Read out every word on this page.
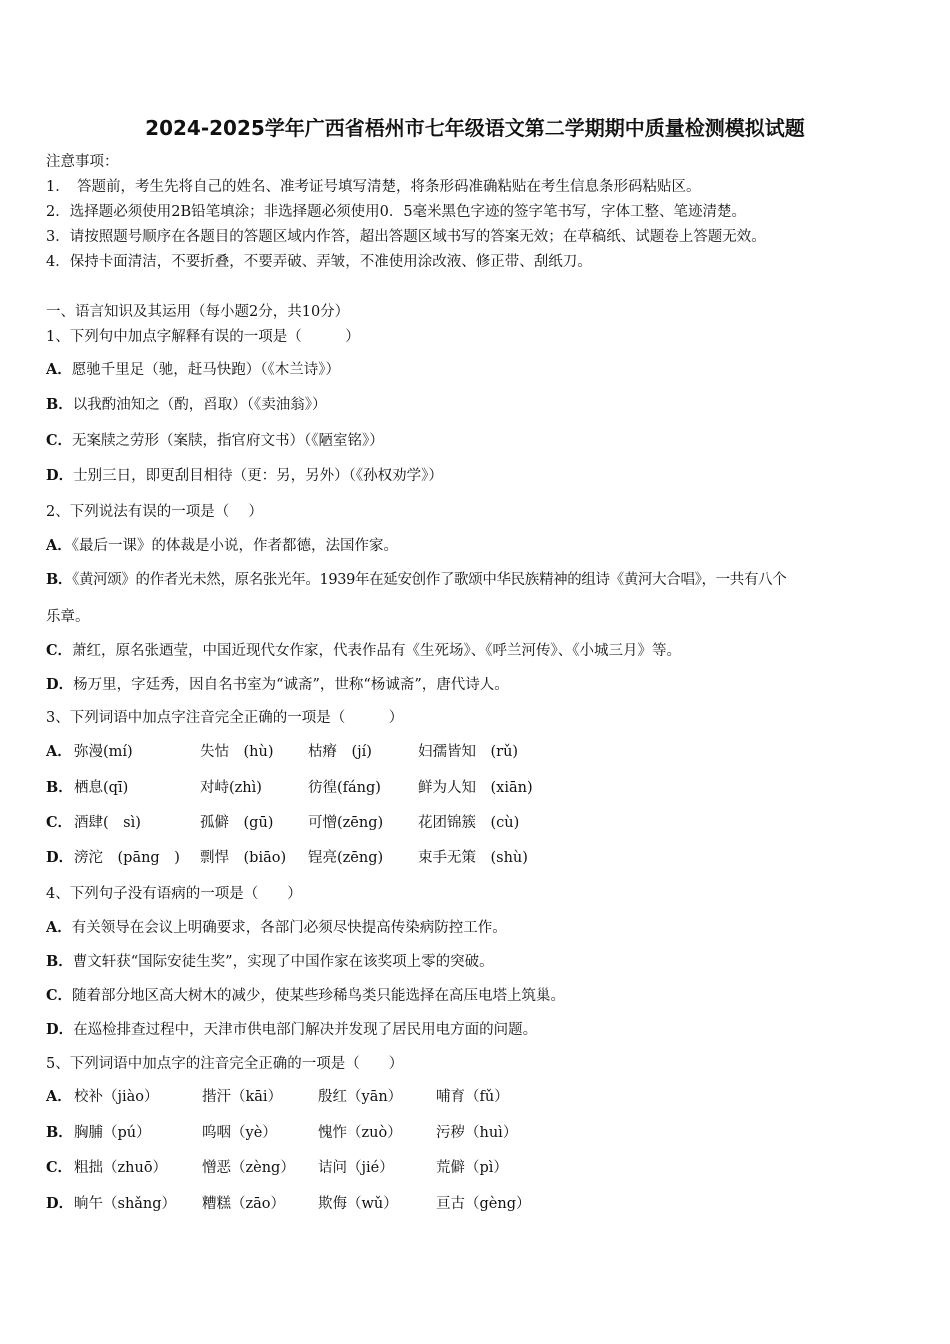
2024-2025学年广西省梧州市七年级语文第二学期期中质量检测模拟试题
注意事项：
1．　答题前，考生先将自己的姓名、准考证号填写清楚，将条形码准确粘贴在考生信息条形码粘贴区。
2．选择题必须使用2B铅笔填涂；非选择题必须使用0．5毫米黑色字迹的签字笔书写，字体工整、笔迹清楚。
3．请按照题号顺序在各题目的答题区域内作答，超出答题区域书写的答案无效；在草稿纸、试题卷上答题无效。
4．保持卡面清洁，不要折叠，不要弄破、弄皱，不准使用涂改液、修正带、刮纸刀。
一、语言知识及其运用（每小题2分，共10分）
1、下列句中加点字解释有误的一项是（　　　）
A．愿驰千里足（驰，赶马快跑）（《木兰诗》）
B．以我酌油知之（酌，舀取）（《卖油翁》）
C．无案牍之劳形（案牍，指官府文书）（《陋室铭》）
D．士别三日，即更刮目相待（更：另，另外）（《孙权劝学》）
2、下列说法有误的一项是（　 ）
A．《最后一课》的体裁是小说，作者都德，法国作家。
B．《黄河颂》的作者光未然，原名张光年。1939年在延安创作了歌颂中华民族精神的组诗《黄河大合唱》，一共有八个
乐章。
C．萧红，原名张迺莹，中国近现代女作家，代表作品有《生死场》、《呼兰河传》、《小城三月》等。
D．杨万里，字廷秀，因自名书室为“诚斋”，世称“杨诚斋”，唐代诗人。
3、下列词语中加点字注音完全正确的一项是（　　　）
A． 弥漫(mí)	失怙　(hù) 枯瘠　(jí)	妇孺皆知　(rǔ)
B． 栖息(qī)	对峙(zhì)	彷徨(fáng)	鲜为人知　(xiān)
C． 酒肆(　sì)	孤僻　(gū) 可憎(zēng) 花团锦簇　(cù)
D． 滂沱　(pāng　) 剽悍　(biāo) 锃亮(zēng) 束手无策　(shù)
4、下列句子没有语病的一项是（　　）
A．有关领导在会议上明确要求，各部门必须尽快提高传染病防控工作。
B．曹文轩获“国际安徒生奖”，实现了中国作家在该奖项上零的突破。
C．随着部分地区高大树木的减少，使某些珍稀鸟类只能选择在高压电塔上筑巢。
D．在巡检排查过程中，天津市供电部门解决并发现了居民用电方面的问题。
5、下列词语中加点字的注音完全正确的一项是（　　）
A． 校补（jiào）	揩汗（kāi） 殷红（yān） 哺育（fǔ）
B． 胸脯（pú）	呜咽（yè）	愧怍（zuò） 污秽（huì）
C． 粗拙（zhuō） 憎恶（zèng） 诘问（jié）	荒僻（pì）
D． 晌午（shǎng） 糟糕（zāo） 欺侮（wǔ）	亘古（gèng）
